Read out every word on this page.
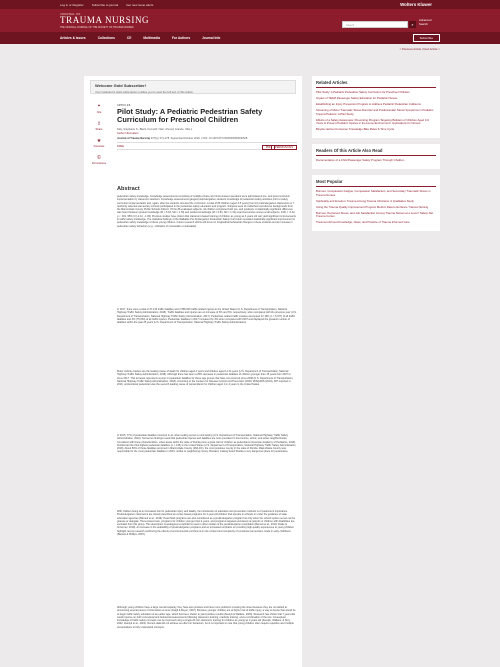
Log in or Register	Subscribe to journal	Get new issue alerts	Wolters Kluwer
JOURNAL OF
TRAUMA NURSING
THE OFFICIAL JOURNAL OF THE SOCIETY OF TRAUMA NURSES
Search	⌕
Advanced
Search
Articles & Issues	Collections	CE	Multimedia	For Authors	Journal Info	Subscribe
< Previous Article | Next Article >
Welcome Gold Subscriber!
Your institution's Gold subscription entitles you to view the full text of this article.
❝
Cite
⇪
Share
★
Favorites
©
Permissions
ARTICLES
Pilot Study: A Pediatric Pedestrian Safety Curriculum for Preschool Children
Daly, Stephanie S.; Black, Kenneth; Nasr, Ahmed; Grande, Ollie J.
Author Information
Journal of Trauma Nursing 27(5):p 271-278, September/October 2020. | DOI: 10.1097/JTN.0000000000000528
FREE	PDF	PERMISSIONS
Abstract
pedestrian safety knowledge. Knowledge assessments consisting of multiple-choice and short-answer questions were administered pre- and post-curriculum implementation by classroom teachers. Knowledge assessments gauged prekindergarten students' knowledge of pedestrian safety activities prior to safety curriculum implementation and, again, after the students received the curriculum. A total of 86 children (aged 3-5 years) from 10 prekindergarten classrooms in 7 randomly selected elementary schools participated in the pedestrian safety education and program. Subjects were of multiethnic and diverse backgrounds from the Miami-Dade County Public Schools District. Of the 86 evaluated subjects, 44 children completed both pre- and posttests. A statistically significant difference was found between pretest knowledge (M = 5.18, SD = 1.79) and posttest knowledge (M = 6.84, SD = 1.31) examined across scores at all subjects, t(43) = -6.22, p < .001, 95% CI [-2.12, -1.09]. Previous studies have shown that classroom-based training of children as young as 4 years old can yield significant improvements in traffic safety knowledge. The statistical findings of the Walkable Pre-Kindergarten Pedestrian Safety Curriculum revealed statistically significant improvement in pedestrian safety knowledge of these young children. Future research efforts will focus on longitudinal behavioral changes in these students and an increase in pedestrian safety behaviors (e.g., utilization of crosswalks or sidewalks).
In 2017, there were a total of 37,133 traffic fatalities and 2,565,000 traffic-related injuries in the United States (U.S. Department of Transportation, National Highway Traffic Safety Administration, 2018). Traffic fatalities and injuries are an increase of 3% and 6%, respectively, when compared with the previous year (U.S. Department of Transportation, National Highway Traffic Safety Administration, 2017). Pedestrian-related traffic crashes accounted for 16% (n = 5,977) of all traffic fatalities and 3% (75,000) of all traffic injuries. Pedestrian fatalities in 2017 increased by 3% when compared with 2007 and displayed the greatest number of fatalities within the past 25 years (U.S. Department of Transportation, National Highway Traffic Safety Administration).
Motor vehicle crashes are the leading cause of death for children aged 4 years and children aged 11-14 years (U.S. Department of Transportation, National Highway Traffic Safety Administration, 2018). Although there has been a 25% decrease in pedestrian fatalities of children younger than 15 years from 2007 to since 2017. This increase represents a jump in pedestrian fatalities for these age groups that have not occurred since 2008 (U.S. Department of Transportation, National Highway Traffic Safety Administration, 2018). According to the Centers for Disease Control and Prevention (CDC) WISQARS (2019), 387 reported in 2018, unintentional pedestrian was the seventh leading cause of nonaccidents for children aged 1 to 4 years in the United States.
In 2015, 77% of pedestrian fatalities occurred in an urban setting versus a rural setting (U.S. Department of Transportation, National Highway Traffic Safety Administration, 2016). Numerous findings reveal that pedestrian injuries and fatalities are more prevalent in low-income, ethnic, and urban neighborhoods. Consistent with these characteristics, urban areas within the state of Florida pose a great risk for children as pedestrians (American Academy of Pediatrics, 2019). Florida had the third highest pedestrian fatalities (n = 135) in the United States (U.S. Department of Transportation, National Highway Traffic Safety Administration, 2018). About 50% of those fatalities occurred in Miami-Dade County (MIA-DC), the most populous county in the state of Florida. Miami-Dade County was responsible for the most pedestrian fatalities in 2015, similar to neighboring county, Broward, making South Florida a very dangerous place for pedestrians.
With children being at an increased risk for pedestrian injury and fatality, the introduction of education and prevention methods is of paramount importance. Prekindergarten classrooms are closely described as center-based programs for 4-year-old children that operate in schools or under the guidance of state education agencies (Barnett et al., 2019). Head Start programs are also considered as a prekindergarten program but only when the school system serves as the grantee or delegate. Home-based care, programs for children younger than 4 years, and programs targeted exclusively at parents or children with disabilities are excluded from this group. This description is analogous to definitions used in other studies of the prekindergarten population (Barnett et al., 2019; Drake & Scrivener, 2019). An increase in the availability of prekindergarten programs and an increased emphasis on providing high-quality experiences to young children highlight recent research confirming the effects of environmental enrichment on the content and complexity of emotional connections made in early childhood (Barnett & Phillips, 2015).
Although young children have a large mental capacity, they have less practice and have more problems crossing the street because they are not skilled at processing several pieces of information at once (Faigil & Meyer, 1997). Because younger children are at higher risk of traffic injury, a way to devise that would be to begin traffic safety education at an earlier age, which has been shown to yield positive results (Zeedyk & Wallace, 2003). Research has shown that 7-year-olds could improve on both conceptual and behavioral assessments following classroom training, roadside training, and a combination of the two. Conceptual knowledge of traffic safety concepts can be improved using a single 20-min classroom training for children as young as 4 years old (Zeedyk, Wallace, & Spry, 2002; Zeedyk et al., 2001). Recent data did not achieve as effect on behaviors, but it is important to note that young children often require repetitive and multiple presentations to fully understand concepts.
Related Articles
Pilot Study: A Pediatric Pedestrian Safety Curriculum for Preschool Children
Impact of TEAM Passenger Safety Education for Pediatric Nurses
Establishing an Injury Prevention Program to Address Pediatric Pedestrian Collisions
Screening of Motor Traumatic Stress Disorder and Posttraumatic Stress Symptoms in Pediatric Trauma Patients: A Pilot Study
Effects of a Safety Awareness: Preventing Program Targeting Builders of Children Aged 3-6 Years to Prevent Pediatric Injuries in the Home Environment: Implications for Nurses
Bicycle Helmet Consumer Knowledge Bike Rules & Time Cycle
Readers Of this Article Also Read
Documentation of a Child Passenger Safety Program Through Chatbot...
Most Popular
Burnout, Compassion Fatigue, Compassion Satisfaction, and Secondary Traumatic Stress in Trauma Nurses
Spirituality and Emotion: Trauma Among Trauma Clinicians: A Qualitative Study
Using the Trauma Quality Improvement Program Metrics Data to Enhance Trauma Nursing
Burnout, Perceived Stress, and Job Satisfaction Among Trauma Nurses at a Level I Safety-Net Trauma Center
Trauma-Informed Knowledge, Ideas, and Practice of Trauma Informed Care
